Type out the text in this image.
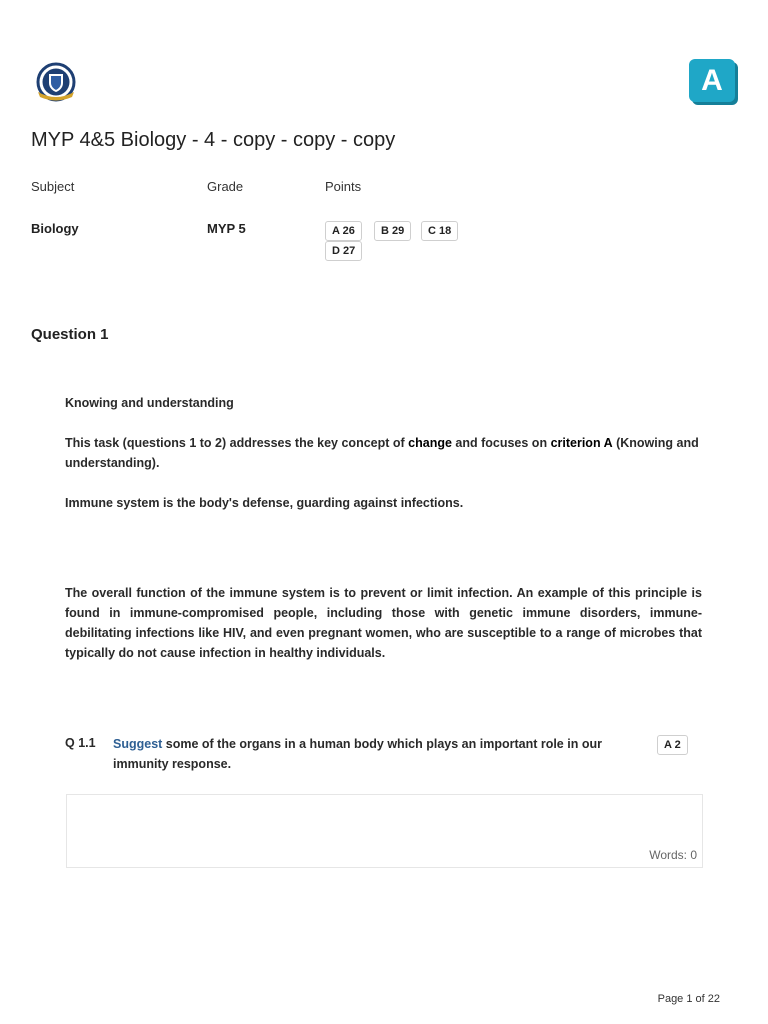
A
MYP 4&5 Biology - 4 - copy - copy - copy
Subject	Grade	Points
Biology	MYP 5	A 26	B 29	C 18
D 27
Question 1

Knowing and understanding

This task (questions 1 to 2) addresses the key concept of change and focuses on criterion A (Knowing and understanding).

Immune system is the body's defense, guarding against infections.

The overall function of the immune system is to prevent or limit infection. An example of this principle is found in immune-compromised people, including those with genetic immune disorders, immune-debilitating infections like HIV, and even pregnant women, who are susceptible to a range of microbes that typically do not cause infection in healthy individuals.

Q 1.1 Suggest some of the organs in a human body which plays an important role in our immunity response.
A 2
Words: 0
Page 1 of 22
